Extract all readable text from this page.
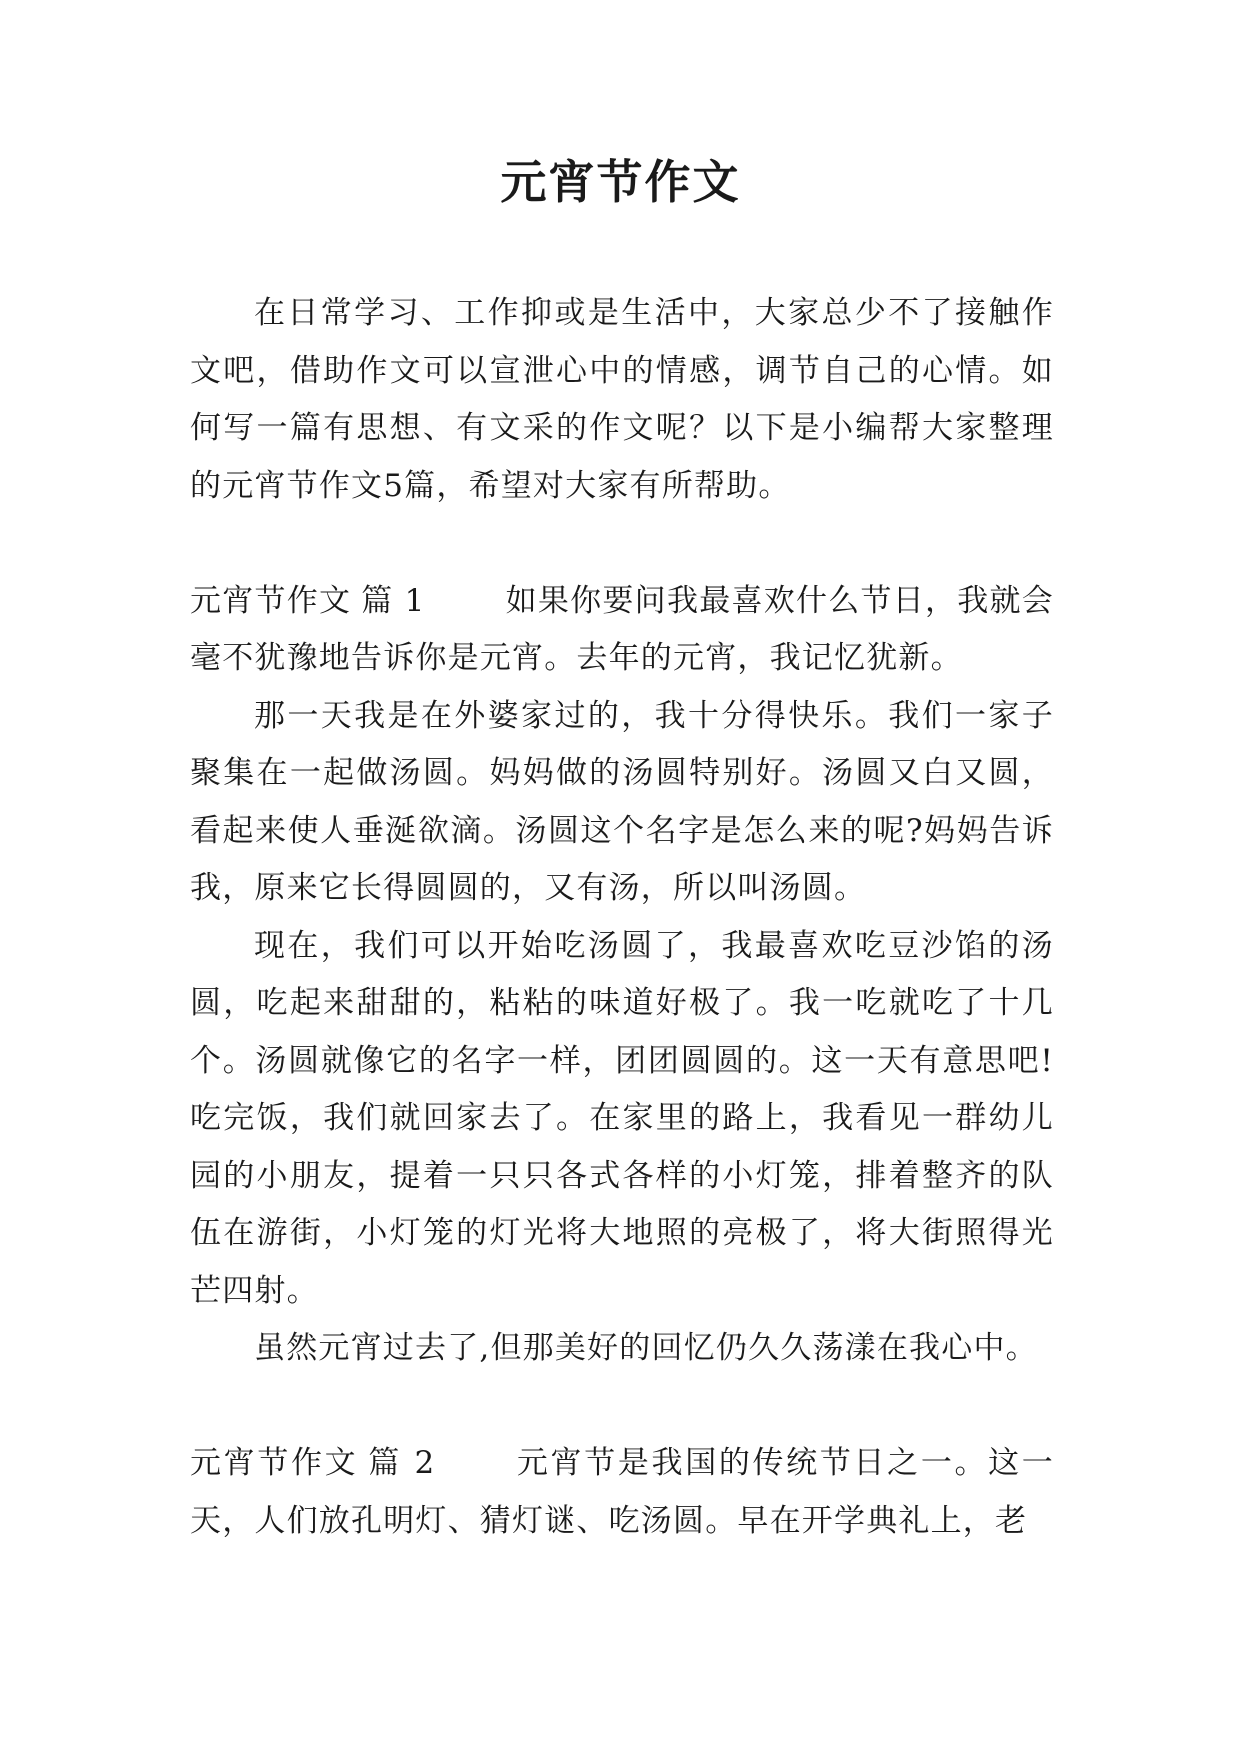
元宵节作文

在日常学习、工作抑或是生活中，大家总少不了接触作文吧，借助作文可以宣泄心中的情感，调节自己的心情。如何写一篇有思想、有文采的作文呢？以下是小编帮大家整理的元宵节作文5篇，希望对大家有所帮助。

元宵节作文 篇 1	如果你要问我最喜欢什么节日，我就会毫不犹豫地告诉你是元宵。去年的元宵，我记忆犹新。

那一天我是在外婆家过的，我十分得快乐。我们一家子聚集在一起做汤圆。妈妈做的汤圆特别好。汤圆又白又圆，看起来使人垂涎欲滴。汤圆这个名字是怎么来的呢?妈妈告诉我，原来它长得圆圆的，又有汤，所以叫汤圆。

现在，我们可以开始吃汤圆了，我最喜欢吃豆沙馅的汤圆，吃起来甜甜的，粘粘的味道好极了。我一吃就吃了十几个。汤圆就像它的名字一样，团团圆圆的。这一天有意思吧!吃完饭，我们就回家去了。在家里的路上，我看见一群幼儿园的小朋友，提着一只只各式各样的小灯笼，排着整齐的队伍在游街，小灯笼的灯光将大地照的亮极了，将大街照得光芒四射。

虽然元宵过去了,但那美好的回忆仍久久荡漾在我心中。

元宵节作文 篇 2	元宵节是我国的传统节日之一。这一天，人们放孔明灯、猜灯谜、吃汤圆。早在开学典礼上，老
